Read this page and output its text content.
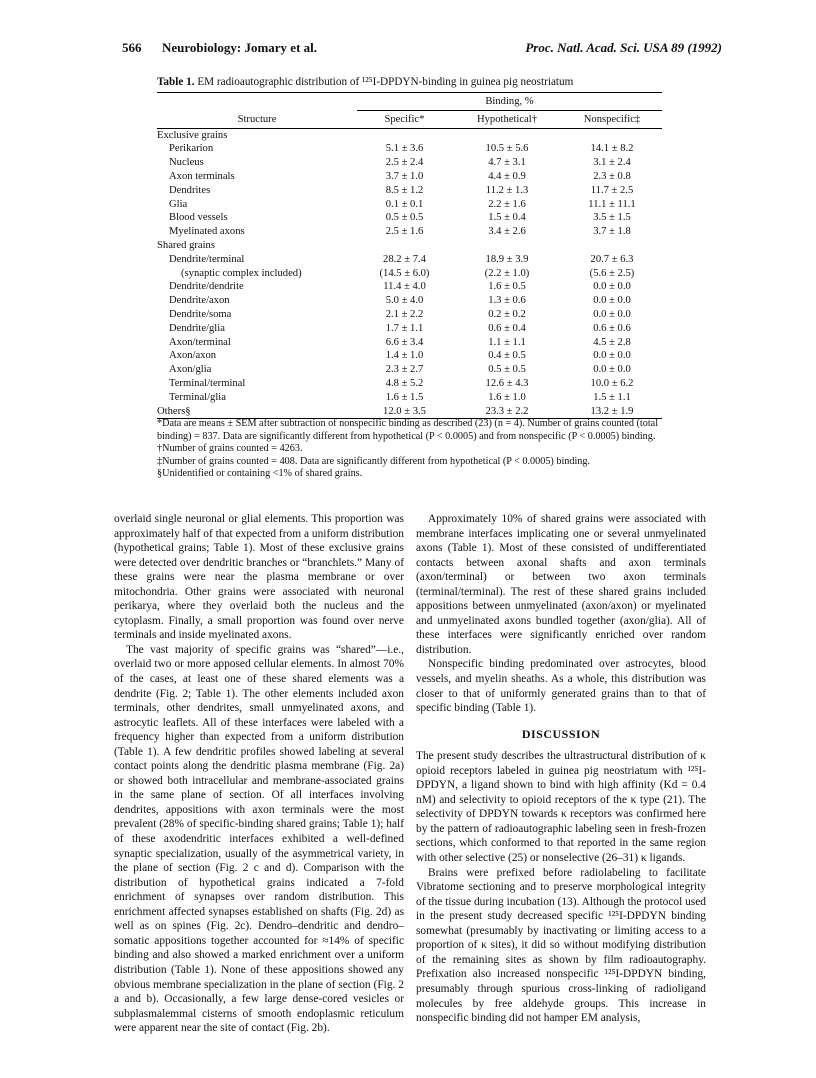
566 Neurobiology: Jomary et al.	Proc. Natl. Acad. Sci. USA 89 (1992)
Table 1. EM radioautographic distribution of ¹²⁵I-DPDYN-binding in guinea pig neostriatum
	Binding, %		
Structure	Specific*	Hypothetical†	Nonspecific‡
Exclusive grains			
Perikarion	5.1 ± 3.6	10.5 ± 5.6	14.1 ± 8.2
Nucleus	2.5 ± 2.4	4.7 ± 3.1	3.1 ± 2.4
Axon terminals	3.7 ± 1.0	4.4 ± 0.9	2.3 ± 0.8
Dendrites	8.5 ± 1.2	11.2 ± 1.3	11.7 ± 2.5
Glia	0.1 ± 0.1	2.2 ± 1.6	11.1 ± 11.1
Blood vessels	0.5 ± 0.5	1.5 ± 0.4	3.5 ± 1.5
Myelinated axons	2.5 ± 1.6	3.4 ± 2.6	3.7 ± 1.8
Shared grains			
Dendrite/terminal	28.2 ± 7.4	18.9 ± 3.9	20.7 ± 6.3
(synaptic complex included)	(14.5 ± 6.0)	(2.2 ± 1.0)	(5.6 ± 2.5)
Dendrite/dendrite	11.4 ± 4.0	1.6 ± 0.5	0.0 ± 0.0
Dendrite/axon	5.0 ± 4.0	1.3 ± 0.6	0.0 ± 0.0
Dendrite/soma	2.1 ± 2.2	0.2 ± 0.2	0.0 ± 0.0
Dendrite/glia	1.7 ± 1.1	0.6 ± 0.4	0.6 ± 0.6
Axon/terminal	6.6 ± 3.4	1.1 ± 1.1	4.5 ± 2.8
Axon/axon	1.4 ± 1.0	0.4 ± 0.5	0.0 ± 0.0
Axon/glia	2.3 ± 2.7	0.5 ± 0.5	0.0 ± 0.0
Terminal/terminal	4.8 ± 5.2	12.6 ± 4.3	10.0 ± 6.2
Terminal/glia	1.6 ± 1.5	1.6 ± 1.0	1.5 ± 1.1
Others§	12.0 ± 3.5	23.3 ± 2.2	13.2 ± 1.9

*Data are means ± SEM after subtraction of nonspecific binding as described (23) (n = 4). Number of grains counted (total binding) = 837. Data are significantly different from hypothetical (P < 0.0005) and from nonspecific (P < 0.0005) binding.

†Number of grains counted = 4263.

‡Number of grains counted = 408. Data are significantly different from hypothetical (P < 0.0005) binding.

§Unidentified or containing <1% of shared grains.

overlaid single neuronal or glial elements. This proportion was approximately half of that expected from a uniform distribution (hypothetical grains; Table 1). Most of these exclusive grains were detected over dendritic branches or “branchlets.” Many of these grains were near the plasma membrane or over mitochondria. Other grains were associated with neuronal perikarya, where they overlaid both the nucleus and the cytoplasm. Finally, a small proportion was found over nerve terminals and inside myelinated axons.

The vast majority of specific grains was “shared”—i.e., overlaid two or more apposed cellular elements. In almost 70% of the cases, at least one of these shared elements was a dendrite (Fig. 2; Table 1). The other elements included axon terminals, other dendrites, small unmyelinated axons, and astrocytic leaflets. All of these interfaces were labeled with a frequency higher than expected from a uniform distribution (Table 1). A few dendritic profiles showed labeling at several contact points along the dendritic plasma membrane (Fig. 2a) or showed both intracellular and membrane-associated grains in the same plane of section. Of all interfaces involving dendrites, appositions with axon terminals were the most prevalent (28% of specific-binding shared grains; Table 1); half of these axodendritic interfaces exhibited a well-defined synaptic specialization, usually of the asymmetrical variety, in the plane of section (Fig. 2 c and d). Comparison with the distribution of hypothetical grains indicated a 7-fold enrichment of synapses over random distribution. This enrichment affected synapses established on shafts (Fig. 2d) as well as on spines (Fig. 2c). Dendro–dendritic and dendro–somatic appositions together accounted for ≈14% of specific binding and also showed a marked enrichment over a uniform distribution (Table 1). None of these appositions showed any obvious membrane specialization in the plane of section (Fig. 2 a and b). Occasionally, a few large dense-cored vesicles or subplasmalemmal cisterns of smooth endoplasmic reticulum were apparent near the site of contact (Fig. 2b).

Approximately 10% of shared grains were associated with membrane interfaces implicating one or several unmyelinated axons (Table 1). Most of these consisted of undifferentiated contacts between axonal shafts and axon terminals (axon/terminal) or between two axon terminals (terminal/terminal). The rest of these shared grains included appositions between unmyelinated (axon/axon) or myelinated and unmyelinated axons bundled together (axon/glia). All of these interfaces were significantly enriched over random distribution.

Nonspecific binding predominated over astrocytes, blood vessels, and myelin sheaths. As a whole, this distribution was closer to that of uniformly generated grains than to that of specific binding (Table 1).

DISCUSSION

The present study describes the ultrastructural distribution of κ opioid receptors labeled in guinea pig neostriatum with ¹²⁵I-DPDYN, a ligand shown to bind with high affinity (Kd = 0.4 nM) and selectivity to opioid receptors of the κ type (21). The selectivity of DPDYN towards κ receptors was confirmed here by the pattern of radioautographic labeling seen in fresh-frozen sections, which conformed to that reported in the same region with other selective (25) or nonselective (26–31) κ ligands.

Brains were prefixed before radiolabeling to facilitate Vibratome sectioning and to preserve morphological integrity of the tissue during incubation (13). Although the protocol used in the present study decreased specific ¹²⁵I-DPDYN binding somewhat (presumably by inactivating or limiting access to a proportion of κ sites), it did so without modifying distribution of the remaining sites as shown by film radioautography. Prefixation also increased nonspecific ¹²⁵I-DPDYN binding, presumably through spurious cross-linking of radioligand molecules by free aldehyde groups. This increase in nonspecific binding did not hamper EM analysis,
